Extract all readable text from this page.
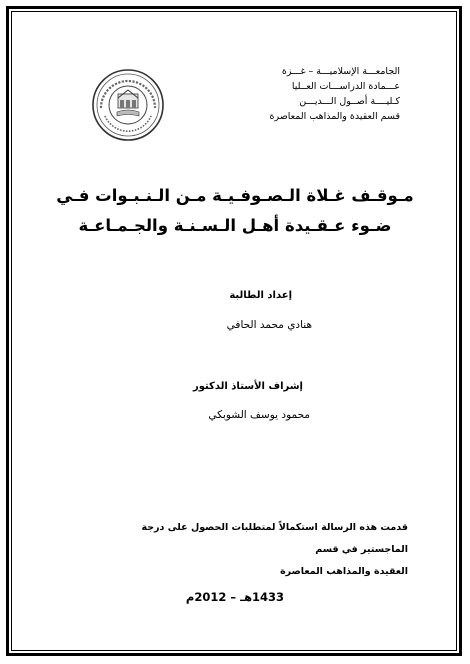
الجامعـــة الإسلاميـــة – غـــزة
عـــمادة الدراســـات العــليا
كـليــــة أصــول الـــديـــن
قسم العقيدة والمذاهب المعاصرة
مـوقـف غـلاة الـصـوفـيـة مـن الـنـبـوات فـي
ضـوء عـقـيدة أهـل الـسـنـة والجـمـاعـة
إعداد الطالبة
هنادي محمد الحافي
إشراف الأستاذ الدكتور
محمود يوسف الشوبكي
قدمت هذه الرسالة استكمالاً لمتطلبات الحصول على درجة الماجستير في قسم
العقيدة والمذاهب المعاصرة
1433هـ – 2012م
